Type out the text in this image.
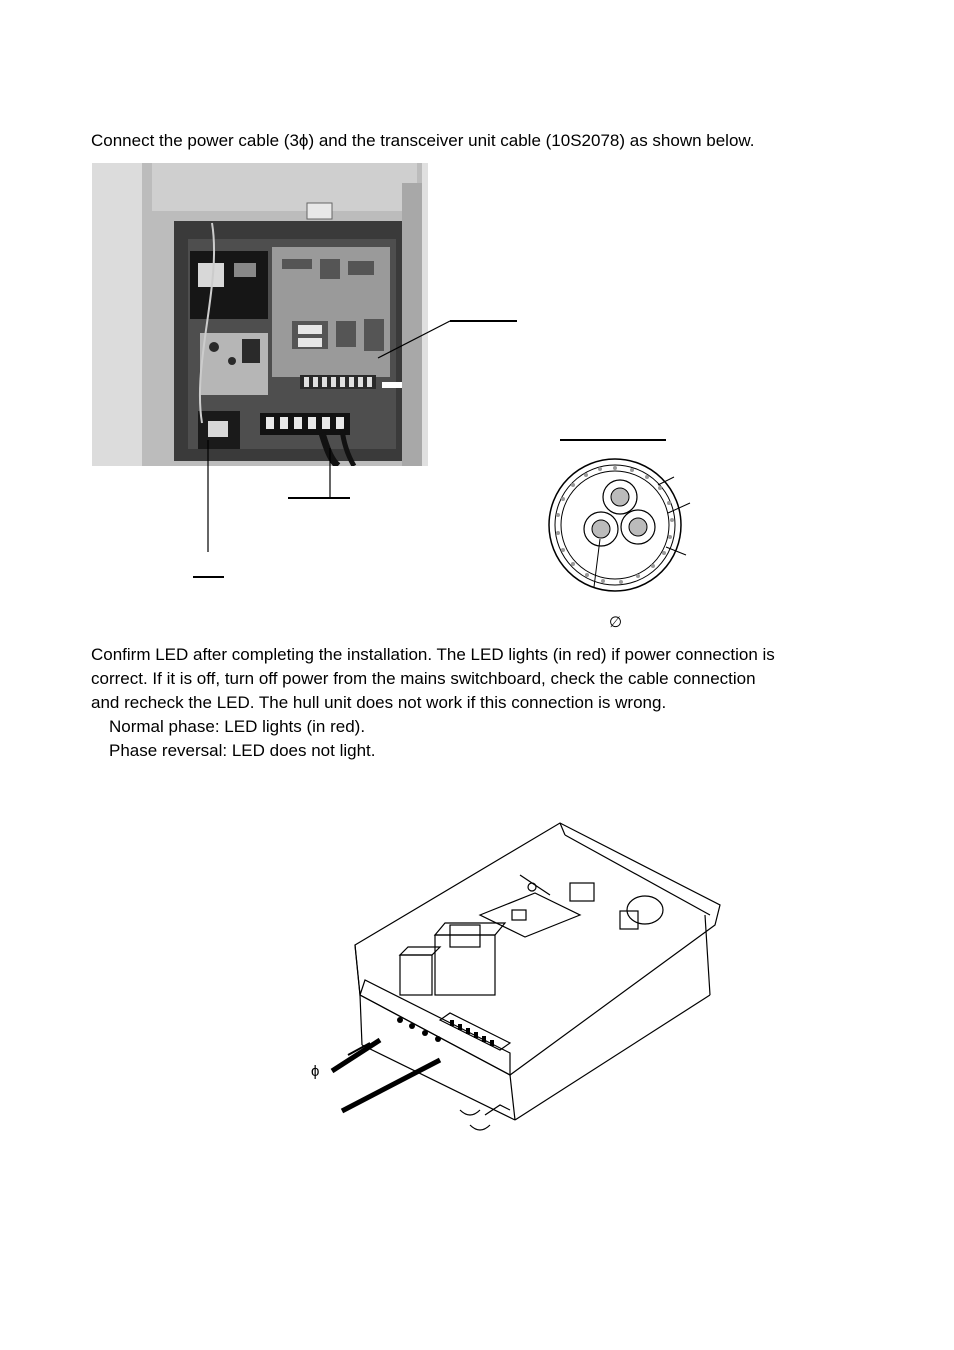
Connect the power cable (3ϕ) and the transceiver unit cable (10S2078) as shown below.
∅
Confirm LED after completing the installation. The LED lights (in red) if power connection is
correct. If it is off, turn off power from the mains switchboard, check the cable connection
and recheck the LED. The hull unit does not work if this connection is wrong.
Normal phase: LED lights (in red).
Phase reversal: LED does not light.
ϕ
